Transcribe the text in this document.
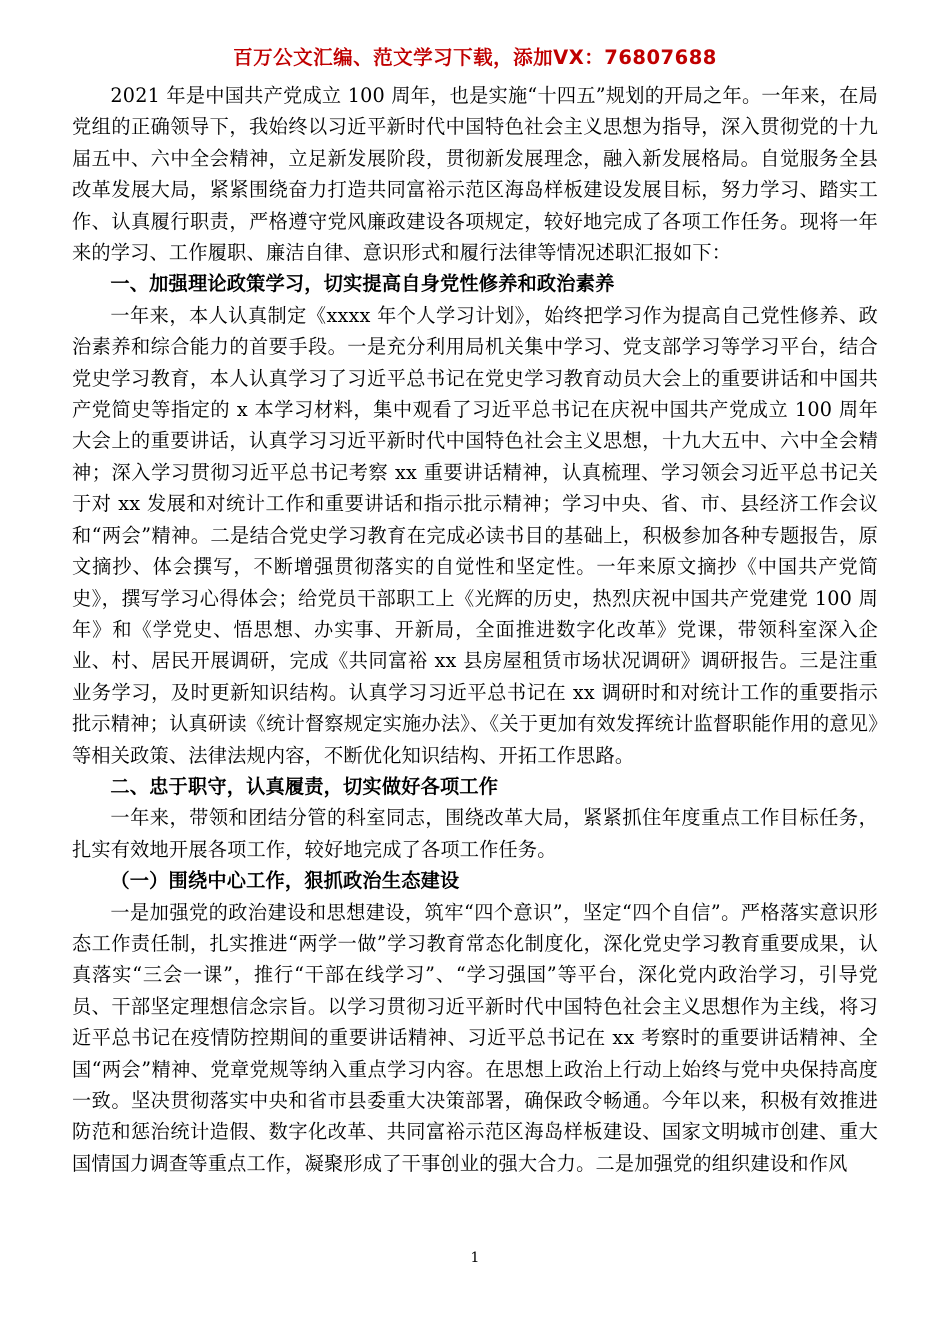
百万公文汇编、范文学习下载，添加VX：76807688

2021 年是中国共产党成立 100 周年，也是实施“十四五”规划的开局之年。一年来，在局党组的正确领导下，我始终以习近平新时代中国特色社会主义思想为指导，深入贯彻党的十九届五中、六中全会精神，立足新发展阶段，贯彻新发展理念，融入新发展格局。自觉服务全县改革发展大局，紧紧围绕奋力打造共同富裕示范区海岛样板建设发展目标，努力学习、踏实工作、认真履行职责，严格遵守党风廉政建设各项规定，较好地完成了各项工作任务。现将一年来的学习、工作履职、廉洁自律、意识形式和履行法律等情况述职汇报如下：

一、加强理论政策学习，切实提高自身党性修养和政治素养

一年来，本人认真制定《xxxx 年个人学习计划》，始终把学习作为提高自己党性修养、政治素养和综合能力的首要手段。一是充分利用局机关集中学习、党支部学习等学习平台，结合党史学习教育，本人认真学习了习近平总书记在党史学习教育动员大会上的重要讲话和中国共产党简史等指定的 x 本学习材料，集中观看了习近平总书记在庆祝中国共产党成立 100 周年大会上的重要讲话，认真学习习近平新时代中国特色社会主义思想，十九大五中、六中全会精神；深入学习贯彻习近平总书记考察 xx 重要讲话精神，认真梳理、学习领会习近平总书记关于对 xx 发展和对统计工作和重要讲话和指示批示精神；学习中央、省、市、县经济工作会议和“两会”精神。二是结合党史学习教育在完成必读书目的基础上，积极参加各种专题报告，原文摘抄、体会撰写，不断增强贯彻落实的自觉性和坚定性。一年来原文摘抄《中国共产党简史》，撰写学习心得体会；给党员干部职工上《光辉的历史，热烈庆祝中国共产党建党 100 周年》和《学党史、悟思想、办实事、开新局，全面推进数字化改革》党课，带领科室深入企业、村、居民开展调研，完成《共同富裕 xx 县房屋租赁市场状况调研》调研报告。三是注重业务学习，及时更新知识结构。认真学习习近平总书记在 xx 调研时和对统计工作的重要指示批示精神；认真研读《统计督察规定实施办法》、《关于更加有效发挥统计监督职能作用的意见》等相关政策、法律法规内容，不断优化知识结构、开拓工作思路。

二、忠于职守，认真履责，切实做好各项工作

一年来，带领和团结分管的科室同志，围绕改革大局，紧紧抓住年度重点工作目标任务，扎实有效地开展各项工作，较好地完成了各项工作任务。

（一）围绕中心工作，狠抓政治生态建设

一是加强党的政治建设和思想建设，筑牢“四个意识”，坚定“四个自信”。严格落实意识形态工作责任制，扎实推进“两学一做”学习教育常态化制度化，深化党史学习教育重要成果，认真落实“三会一课”，推行“干部在线学习”、“学习强国”等平台，深化党内政治学习，引导党员、干部坚定理想信念宗旨。以学习贯彻习近平新时代中国特色社会主义思想作为主线，将习近平总书记在疫情防控期间的重要讲话精神、习近平总书记在 xx 考察时的重要讲话精神、全国“两会”精神、党章党规等纳入重点学习内容。在思想上政治上行动上始终与党中央保持高度一致。坚决贯彻落实中央和省市县委重大决策部署，确保政令畅通。今年以来，积极有效推进防范和惩治统计造假、数字化改革、共同富裕示范区海岛样板建设、国家文明城市创建、重大国情国力调查等重点工作，凝聚形成了干事创业的强大合力。二是加强党的组织建设和作风

1
